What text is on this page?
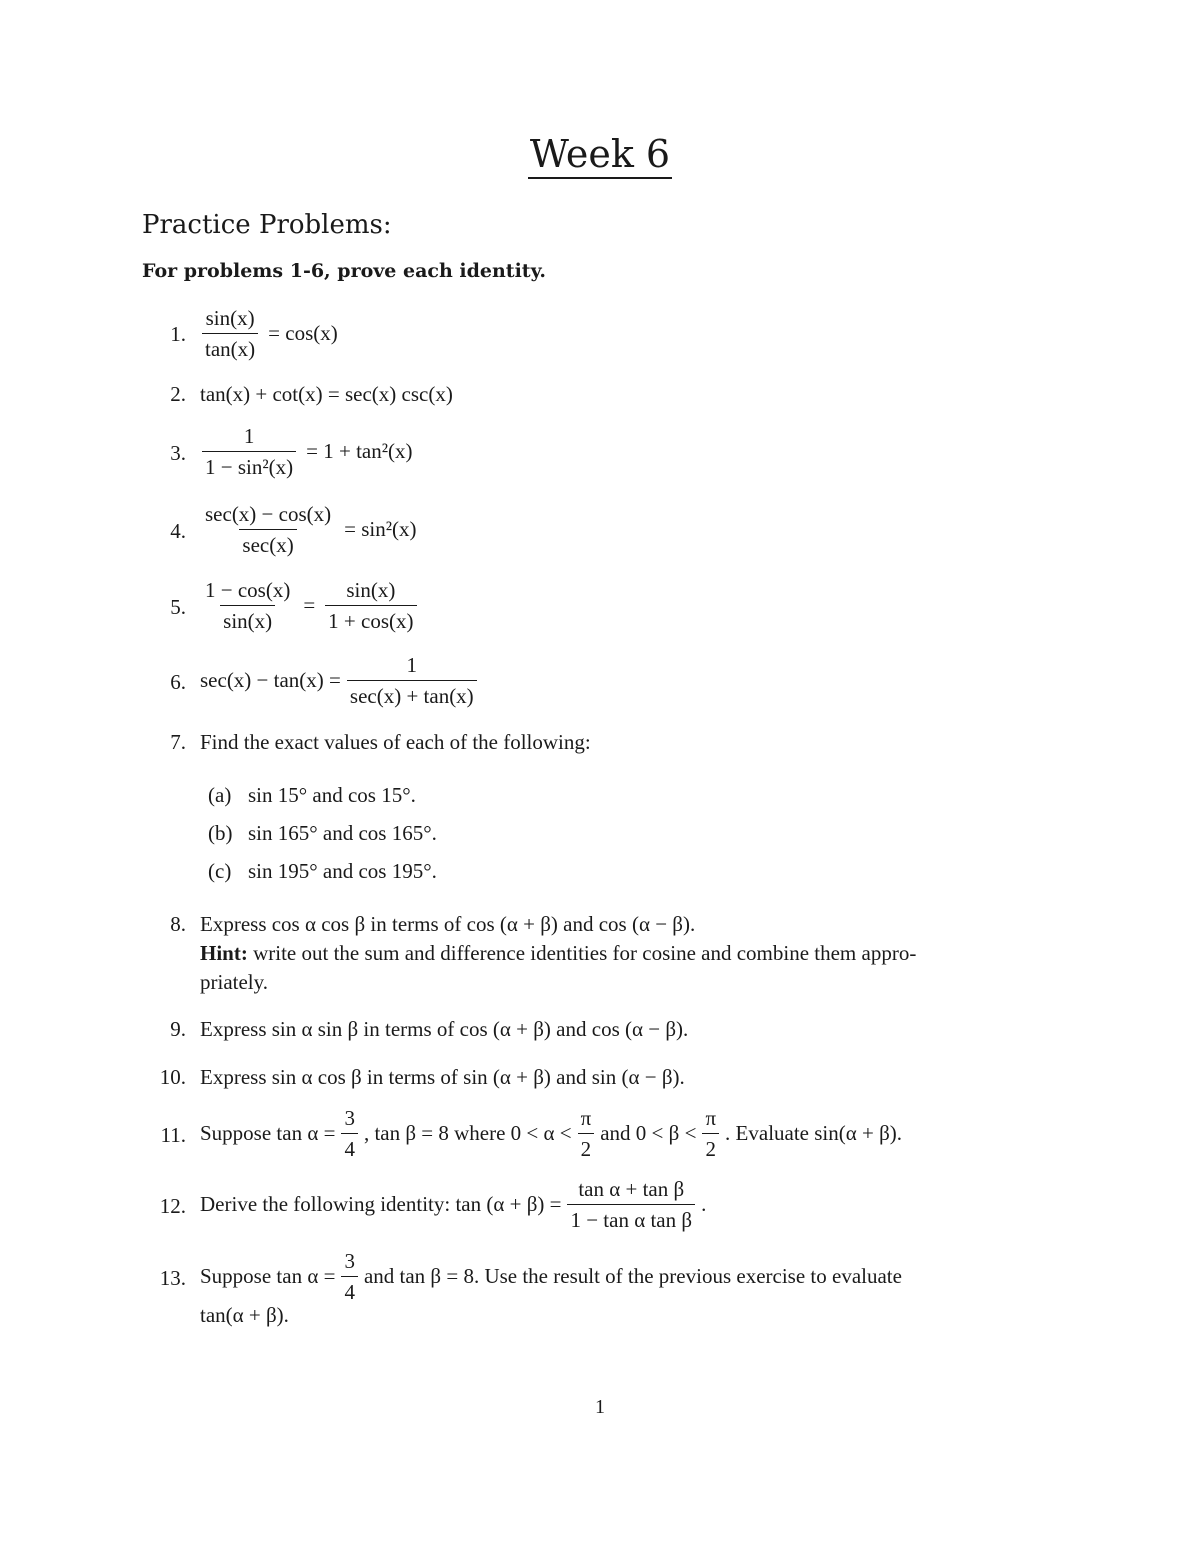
Week 6
Practice Problems:
For problems 1-6, prove each identity.
1. $\frac{\sin(x)}{\tan(x)} = \cos(x)$
2. tan(x) + cot(x) = sec(x) csc(x)
3. $\frac{1}{\text{1 − sin²(x)}} = 1 + \tan^2(x)$
4. $\frac{\sec(x) - \cos(x)}{\sec(x)} = \sin^2(x)$
5. $\frac{1 - \cos(x)}{\sin(x)} = \frac{\sin(x)}{1 + \cos(x)}$
6. $\sec(x) - \tan(x) = \frac{1}{\sec(x) + \tan(x)}$
7. Find the exact values of each of the following:
(a) sin 15° and cos 15°.
(b) sin 165° and cos 165°.
(c) sin 195° and cos 195°.
8. Express cos α cos β in terms of cos (α + β) and cos (α − β).
Hint: write out the sum and difference identities for cosine and combine them appro-
priately.
9. Express sin α sin β in terms of cos (α + β) and cos (α − β).
10. Express sin α cos β in terms of sin (α + β) and sin (α − β).
11. Suppose $\tan \alpha = \frac{3}{4}$ , tan β = 8 where $0 < \alpha < \frac{\pi}{2}$ and $0 < \beta < \frac{\pi}{2}$ . Evaluate sin(α + β).
12. Derive the following identity: $\tan (\alpha + \beta) = \frac{\text{tan α + tan β}}{\text{1 − tan α tan β}}$ .
13. Suppose $\tan \alpha = \frac{3}{4}$ and tan β = 8. Use the result of the previous exercise to evaluate
tan(α + β).
1
